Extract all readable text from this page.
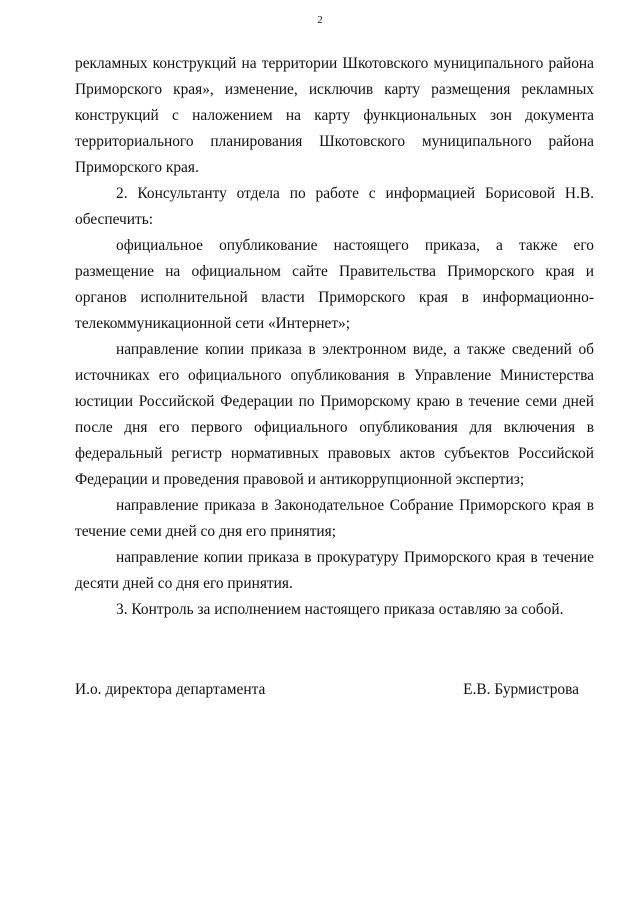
2

рекламных конструкций на территории Шкотовского муниципального района Приморского края», изменение, исключив карту размещения рекламных конструкций с наложением на карту функциональных зон документа территориального планирования Шкотовского муниципального района Приморского края.

2. Консультанту отдела по работе с информацией Борисовой Н.В. обеспечить:

официальное опубликование настоящего приказа, а также его размещение на официальном сайте Правительства Приморского края и органов исполнительной власти Приморского края в информационно-телекоммуникационной сети «Интернет»;

направление копии приказа в электронном виде, а также сведений об источниках его официального опубликования в Управление Министерства юстиции Российской Федерации по Приморскому краю в течение семи дней после дня его первого официального опубликования для включения в федеральный регистр нормативных правовых актов субъектов Российской Федерации и проведения правовой и антикоррупционной экспертиз;

направление приказа в Законодательное Собрание Приморского края в течение семи дней со дня его принятия;

направление копии приказа в прокуратуру Приморского края в течение десяти дней со дня его принятия.

3. Контроль за исполнением настоящего приказа оставляю за собой.

И.о. директора департамента	Е.В. Бурмистрова
